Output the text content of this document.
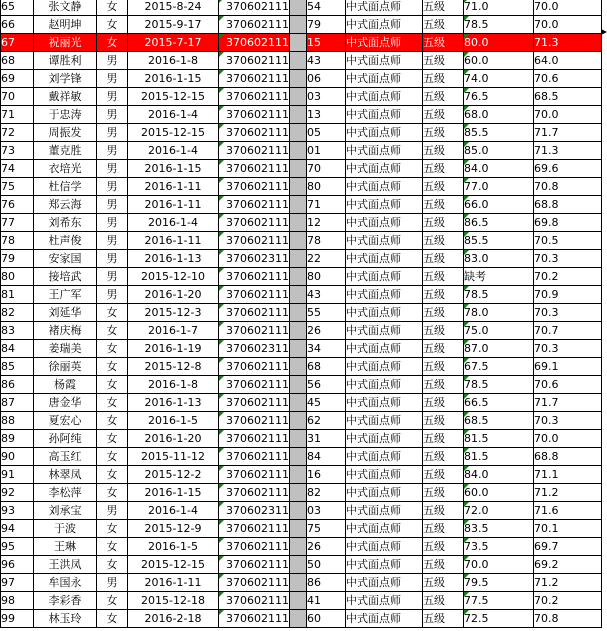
65	张文静	女	2015-8-24	370602111		54	中式面点师	五级	71.0	70.0
66	赵明坤	女	2015-9-17	370602111		79	中式面点师	五级	78.5	70.0
67	祝丽光	女	2015-7-17	370602111		15	中式面点师	五级	80.0	71.3
68	谭胜利	男	2016-1-8	370602111		43	中式面点师	五级	60.0	64.0
69	刘学锋	男	2016-1-15	370602111		06	中式面点师	五级	74.0	70.6
70	戴祥敏	男	2015-12-15	370602111		03	中式面点师	五级	76.5	68.5
71	于忠涛	男	2016-1-4	370602111		13	中式面点师	五级	68.0	70.0
72	周振发	男	2015-12-15	370602111		05	中式面点师	五级	85.5	71.7
73	董克胜	男	2016-1-4	370602111		01	中式面点师	五级	85.0	71.3
74	衣培光	男	2016-1-15	370602111		70	中式面点师	五级	84.0	69.6
75	杜信学	男	2016-1-11	370602111		80	中式面点师	五级	77.0	70.8
76	郑云海	男	2016-1-11	370602111		71	中式面点师	五级	66.0	68.8
77	刘希东	男	2016-1-4	370602111		12	中式面点师	五级	86.5	69.8
78	杜声俊	男	2016-1-11	370602111		78	中式面点师	五级	85.5	70.5
79	安家国	男	2016-1-13	370602311		22	中式面点师	五级	83.0	70.3
80	接培武	男	2015-12-10	370602111		80	中式面点师	五级	缺考	70.2
81	王广军	男	2016-1-20	370602111		43	中式面点师	五级	78.5	70.9
82	刘延华	女	2015-12-3	370602111		55	中式面点师	五级	78.0	70.3
83	褚庆梅	女	2016-1-7	370602111		26	中式面点师	五级	75.0	70.7
84	姜瑞美	女	2016-1-19	370602311		34	中式面点师	五级	87.0	70.3
85	徐丽英	女	2015-12-8	370602111		68	中式面点师	五级	67.5	69.1
86	杨霞	女	2016-1-8	370602111		56	中式面点师	五级	78.5	70.6
87	唐金华	女	2016-1-13	370602111		45	中式面点师	五级	66.5	71.7
88	夏宏心	女	2016-1-5	370602111		62	中式面点师	五级	68.5	70.3
89	孙阿纯	女	2016-1-20	370602111		31	中式面点师	五级	81.5	70.0
90	高玉红	女	2015-11-12	370602111		84	中式面点师	五级	81.5	68.8
91	林翠凤	女	2015-12-2	370602111		16	中式面点师	五级	84.0	71.1
92	李松萍	女	2016-1-15	370602111		82	中式面点师	五级	60.0	71.2
93	刘承宝	男	2016-1-4	370602311		03	中式面点师	五级	72.0	71.6
94	于波	女	2015-12-9	370602111		75	中式面点师	五级	83.5	70.1
95	王琳	女	2016-1-5	370602111		26	中式面点师	五级	73.5	69.7
96	王洪凤	女	2015-12-15	370602111		50	中式面点师	五级	70.0	69.2
97	牟国永	男	2016-1-11	370602111		86	中式面点师	五级	79.5	71.2
98	李彩香	女	2015-12-18	370602111		41	中式面点师	五级	77.5	70.2
99	林玉玲	女	2016-2-18	370602111		60	中式面点师	五级	72.5	70.8
